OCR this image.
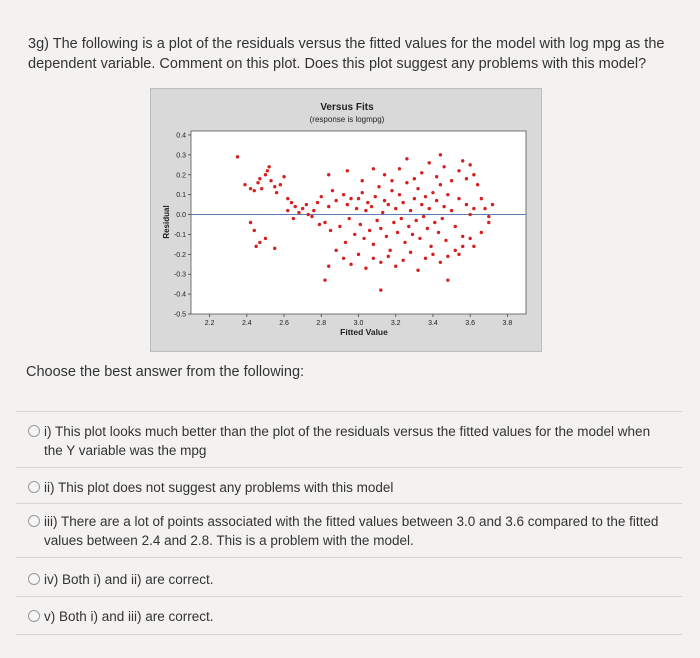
3g) The following is a plot of the residuals versus the fitted values for the model with log mpg as the dependent variable. Comment on this plot. Does this plot suggest any problems with this model?
Versus Fits
(response is logmpg)
Residual
Fitted Value
0.4
0.3
0.2
0.1
0.0
-0.1
-0.2
-0.3
-0.4
-0.5
2.2	2.4	2.6	2.8	3.0	3.2	3.4	3.6	3.8
Choose the best answer from the following:
i) This plot looks much better than the plot of the residuals versus the fitted values for the model when the Y variable was the mpg
ii) This plot does not suggest any problems with this model
iii) There are a lot of points associated with the fitted values between 3.0 and 3.6 compared to the fitted values between 2.4 and 2.8. This is a problem with the model.
iv) Both i) and ii) are correct.
v) Both i) and iii) are correct.
